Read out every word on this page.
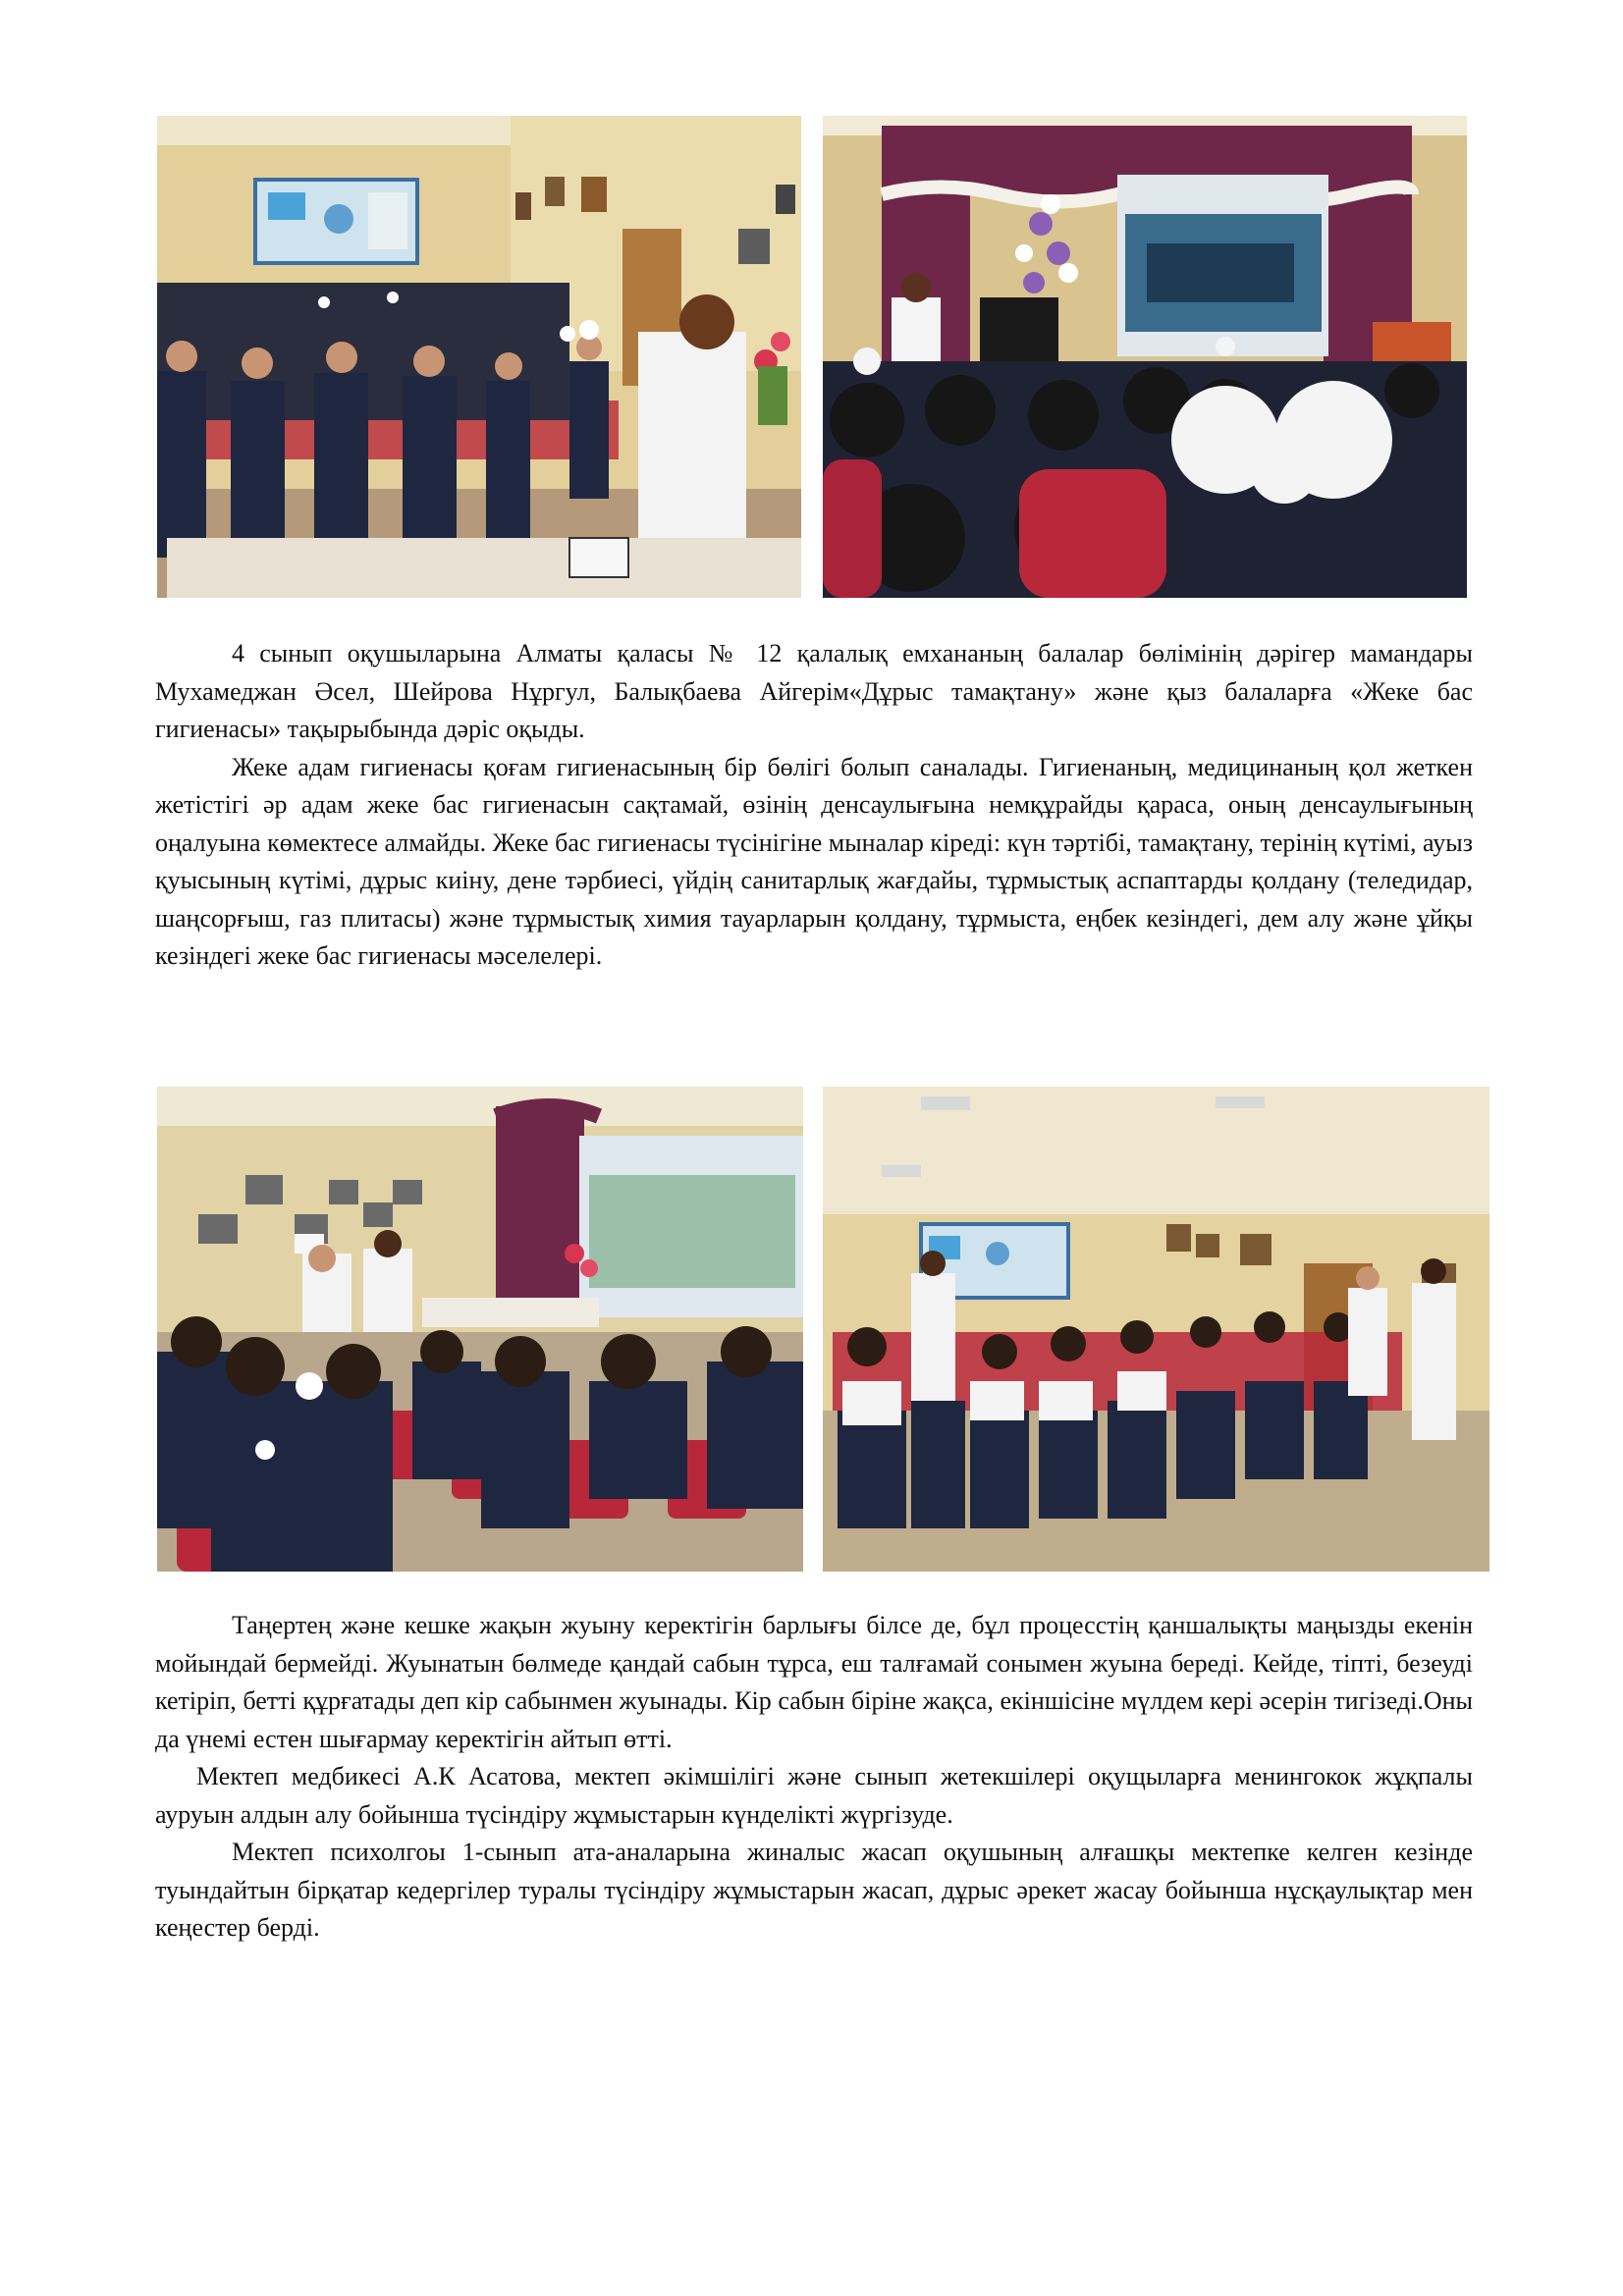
4 сынып оқушыларына Алматы қаласы № 12 қалалық емхананың балалар бөлімінің дәрігер мамандары Мухамеджан Әсел, Шейрова Нұргул, Балықбаева Айгерім«Дұрыс тамақтану» және қыз балаларға «Жеке бас гигиенасы» тақырыбында дәріс оқыды.

Жеке адам гигиенасы қоғам гигиенасының бір бөлігі болып саналады. Гигиенаның, медицинаның қол жеткен жетістігі әр адам жеке бас гигиенасын сақтамай, өзінің денсаулығына немқұрайды қараса, оның денсаулығының оңалуына көмектесе алмайды. Жеке бас гигиенасы түсінігіне мыналар кіреді: күн тәртібі, тамақтану, терінің күтімі, ауыз қуысының күтімі, дұрыс киіну, дене тәрбиесі, үйдің санитарлық жағдайы, тұрмыстық аспаптарды қолдану (теледидар, шаңсорғыш, газ плитасы) және тұрмыстық химия тауарларын қолдану, тұрмыста, еңбек кезіндегі, дем алу және ұйқы кезіндегі жеке бас гигиенасы мәселелері.

Таңертең және кешке жақын жуыну керектігін барлығы білсе де, бұл процесстің қаншалықты маңызды екенін мойындай бермейді. Жуынатын бөлмеде қандай сабын тұрса, еш талғамай сонымен жуына береді. Кейде, тіпті, безеуді кетіріп, бетті құрғатады деп кір сабынмен жуынады. Кір сабын біріне жақса, екіншісіне мүлдем кері әсерін тигізеді.Оны да үнемі естен шығармау керектігін айтып өтті.

Мектеп медбикесі А.К Асатова, мектеп әкімшілігі және сынып жетекшілері оқущыларға менингокок жұқпалы ауруын алдын алу бойынша түсіндіру жұмыстарын күнделікті жүргізуде.

Мектеп психолгоы 1-сынып ата-аналарына жиналыс жасап оқушының алғашқы мектепке келген кезінде туындайтын бірқатар кедергілер туралы түсіндіру жұмыстарын жасап, дұрыс әрекет жасау бойынша нұсқаулықтар мен кеңестер берді.
